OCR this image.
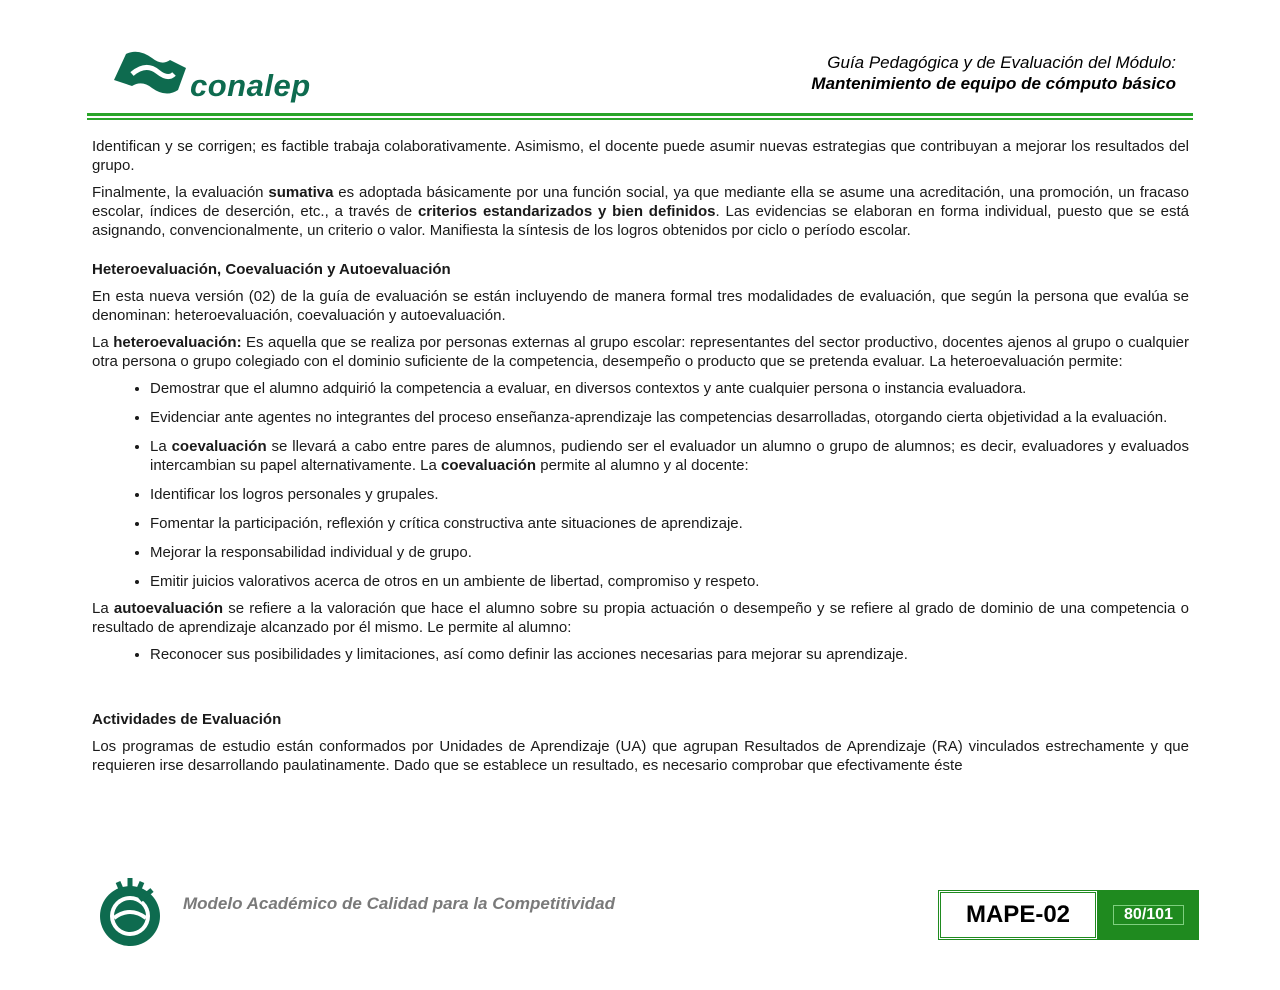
conalep
Guía Pedagógica y de Evaluación del Módulo:
Mantenimiento de equipo de cómputo básico

Identifican y se corrigen; es factible trabaja colaborativamente. Asimismo, el docente puede asumir nuevas estrategias que contribuyan a mejorar los resultados del grupo.

Finalmente, la evaluación sumativa es adoptada básicamente por una función social, ya que mediante ella se asume una acreditación, una promoción, un fracaso escolar, índices de deserción, etc., a través de criterios estandarizados y bien definidos. Las evidencias se elaboran en forma individual, puesto que se está asignando, convencionalmente, un criterio o valor. Manifiesta la síntesis de los logros obtenidos por ciclo o período escolar.

Heteroevaluación, Coevaluación y Autoevaluación

En esta nueva versión (02) de la guía de evaluación se están incluyendo de manera formal tres modalidades de evaluación, que según la persona que evalúa se denominan: heteroevaluación, coevaluación y autoevaluación.

La heteroevaluación: Es aquella que se realiza por personas externas al grupo escolar: representantes del sector productivo, docentes ajenos al grupo o cualquier otra persona o grupo colegiado con el dominio suficiente de la competencia, desempeño o producto que se pretenda evaluar. La heteroevaluación permite:

• Demostrar que el alumno adquirió la competencia a evaluar, en diversos contextos y ante cualquier persona o instancia evaluadora.
• Evidenciar ante agentes no integrantes del proceso enseñanza-aprendizaje las competencias desarrolladas, otorgando cierta objetividad a la evaluación.
• La coevaluación se llevará a cabo entre pares de alumnos, pudiendo ser el evaluador un alumno o grupo de alumnos; es decir, evaluadores y evaluados intercambian su papel alternativamente. La coevaluación permite al alumno y al docente:
• Identificar los logros personales y grupales.
• Fomentar la participación, reflexión y crítica constructiva ante situaciones de aprendizaje.
• Mejorar la responsabilidad individual y de grupo.
• Emitir juicios valorativos acerca de otros en un ambiente de libertad, compromiso y respeto.

La autoevaluación se refiere a la valoración que hace el alumno sobre su propia actuación o desempeño y se refiere al grado de dominio de una competencia o resultado de aprendizaje alcanzado por él mismo. Le permite al alumno:

• Reconocer sus posibilidades y limitaciones, así como definir las acciones necesarias para mejorar su aprendizaje.
Actividades de Evaluación

Los programas de estudio están conformados por Unidades de Aprendizaje (UA) que agrupan Resultados de Aprendizaje (RA) vinculados estrechamente y que requieren irse desarrollando paulatinamente. Dado que se establece un resultado, es necesario comprobar que efectivamente éste

Modelo Académico de Calidad para la Competitividad	MAPE-02	80/101
